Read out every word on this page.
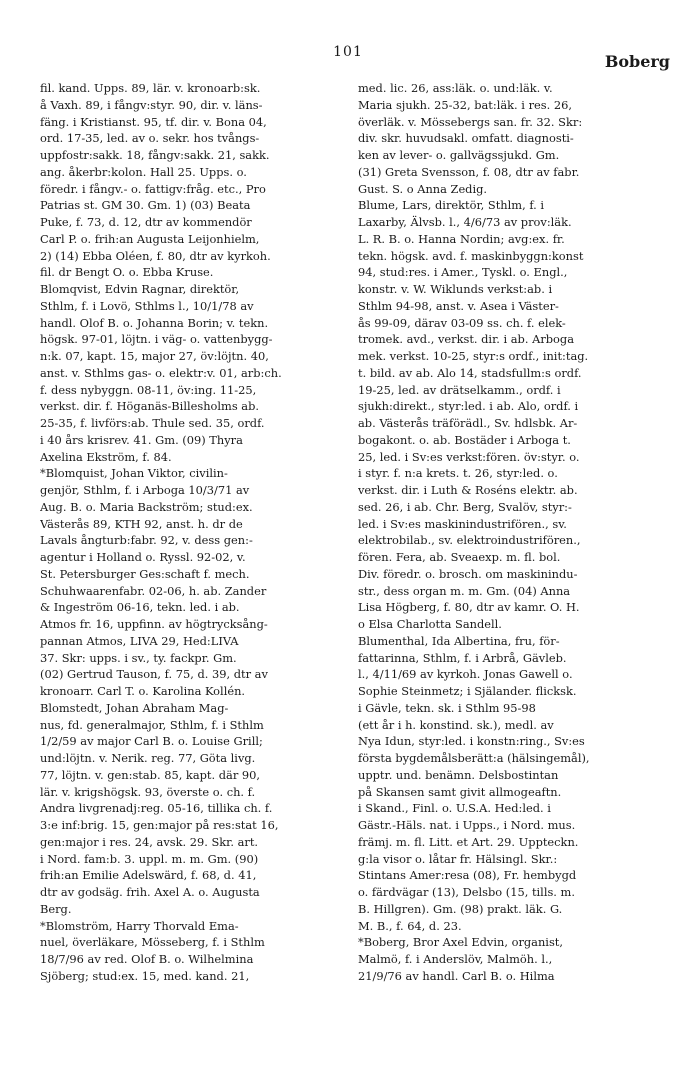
101	Boberg
fil. kand. Upps. 89, lär. v. kronoarb:sk.
å Vaxh. 89, i fångv:styr. 90, dir. v. läns-
fäng. i Kristianst. 95, tf. dir. v. Bona 04,
ord. 17-35, led. av o. sekr. hos tvångs-
uppfostr:sakk. 18, fångv:sakk. 21, sakk.
ang. åkerbr:kolon. Hall 25. Upps. o.
föredr. i fångv.- o. fattigv:fråg. etc., Pro
Patrias st. GM 30. Gm. 1) (03) Beata
Puke, f. 73, d. 12, dtr av kommendör
Carl P. o. frih:an Augusta Leijonhielm,
2) (14) Ebba Oléen, f. 80, dtr av kyrkoh.
fil. dr Bengt O. o. Ebba Kruse.
Blomqvist, Edvin Ragnar, direktör,
Sthlm, f. i Lovö, Sthlms l., 10/1/78 av
handl. Olof B. o. Johanna Borin; v. tekn.
högsk. 97-01, löjtn. i väg- o. vattenbygg-
n:k. 07, kapt. 15, major 27, öv:löjtn. 40,
anst. v. Sthlms gas- o. elektr:v. 01, arb:ch.
f. dess nybyggn. 08-11, öv:ing. 11-25,
verkst. dir. f. Höganäs-Billesholms ab.
25-35, f. livförs:ab. Thule sed. 35, ordf.
i 40 års krisrev. 41. Gm. (09) Thyra
Axelina Ekström, f. 84.
*Blomquist, Johan Viktor, civilin-
genjör, Sthlm, f. i Arboga 10/3/71 av
Aug. B. o. Maria Backström; stud:ex.
Västerås 89, KTH 92, anst. h. dr de
Lavals ångturb:fabr. 92, v. dess gen:-
agentur i Holland o. Ryssl. 92-02, v.
St. Petersburger Ges:schaft f. mech.
Schuhwaarenfabr. 02-06, h. ab. Zander
& Ingeström 06-16, tekn. led. i ab.
Atmos fr. 16, uppfinn. av högtrycksång-
pannan Atmos, LIVA 29, Hed:LIVA
37. Skr: upps. i sv., ty. fackpr. Gm.
(02) Gertrud Tauson, f. 75, d. 39, dtr av
kronoarr. Carl T. o. Karolina Kollén.
Blomstedt, Johan Abraham Mag-
nus, fd. generalmajor, Sthlm, f. i Sthlm
1/2/59 av major Carl B. o. Louise Grill;
und:löjtn. v. Nerik. reg. 77, Göta livg.
77, löjtn. v. gen:stab. 85, kapt. där 90,
lär. v. krigshögsk. 93, överste o. ch. f.
Andra livgrenadj:reg. 05-16, tillika ch. f.
3:e inf:brig. 15, gen:major på res:stat 16,
gen:major i res. 24, avsk. 29. Skr. art.
i Nord. fam:b. 3. uppl. m. m. Gm. (90)
frih:an Emilie Adelswärd, f. 68, d. 41,
dtr av godsäg. frih. Axel A. o. Augusta
Berg.
*Blomström, Harry Thorvald Ema-
nuel, överläkare, Mösseberg, f. i Sthlm
18/7/96 av red. Olof B. o. Wilhelmina
Sjöberg; stud:ex. 15, med. kand. 21,
med. lic. 26, ass:läk. o. und:läk. v.
Maria sjukh. 25-32, bat:läk. i res. 26,
överläk. v. Mössebergs san. fr. 32. Skr:
div. skr. huvudsakl. omfatt. diagnosti-
ken av lever- o. gallvägssjukd. Gm.
(31) Greta Svensson, f. 08, dtr av fabr.
Gust. S. o Anna Zedig.
Blume, Lars, direktör, Sthlm, f. i
Laxarby, Älvsb. l., 4/6/73 av prov:läk.
L. R. B. o. Hanna Nordin; avg:ex. fr.
tekn. högsk. avd. f. maskinbyggn:konst
94, stud:res. i Amer., Tyskl. o. Engl.,
konstr. v. W. Wiklunds verkst:ab. i
Sthlm 94-98, anst. v. Asea i Väster-
ås 99-09, därav 03-09 ss. ch. f. elek-
tromek. avd., verkst. dir. i ab. Arboga
mek. verkst. 10-25, styr:s ordf., init:tag.
t. bild. av ab. Alo 14, stadsfullm:s ordf.
19-25, led. av drätselkamm., ordf. i
sjukh:direkt., styr:led. i ab. Alo, ordf. i
ab. Västerås träförädl., Sv. hdlsbk. Ar-
bogakont. o. ab. Bostäder i Arboga t.
25, led. i Sv:es verkst:fören. öv:styr. o.
i styr. f. n:a krets. t. 26, styr:led. o.
verkst. dir. i Luth & Roséns elektr. ab.
sed. 26, i ab. Chr. Berg, Svalöv, styr:-
led. i Sv:es maskinindustrifören., sv.
elektrobilab., sv. elektroindustrifören.,
fören. Fera, ab. Sveaexp. m. fl. bol.
Div. föredr. o. brosch. om maskinindu-
str., dess organ m. m. Gm. (04) Anna
Lisa Högberg, f. 80, dtr av kamr. O. H.
o Elsa Charlotta Sandell.
Blumenthal, Ida Albertina, fru, för-
fattarinna, Sthlm, f. i Arbrå, Gävleb.
l., 4/11/69 av kyrkoh. Jonas Gawell o.
Sophie Steinmetz; i Själander. flicksk.
i Gävle, tekn. sk. i Sthlm 95-98
(ett år i h. konstind. sk.), medl. av
Nya Idun, styr:led. i konstn:ring., Sv:es
första bygdemålsberätt:a (hälsingemål),
upptr. und. benämn. Delsbostintan
på Skansen samt givit allmogeaftn.
i Skand., Finl. o. U.S.A. Hed:led. i
Gästr.-Häls. nat. i Upps., i Nord. mus.
främj. m. fl. Litt. et Art. 29. Uppteckn.
g:la visor o. låtar fr. Hälsingl. Skr.:
Stintans Amer:resa (08), Fr. hembygd
o. färdvägar (13), Delsbo (15, tills. m.
B. Hillgren). Gm. (98) prakt. läk. G.
M. B., f. 64, d. 23.
*Boberg, Bror Axel Edvin, organist,
Malmö, f. i Anderslöv, Malmöh. l.,
21/9/76 av handl. Carl B. o. Hilma
